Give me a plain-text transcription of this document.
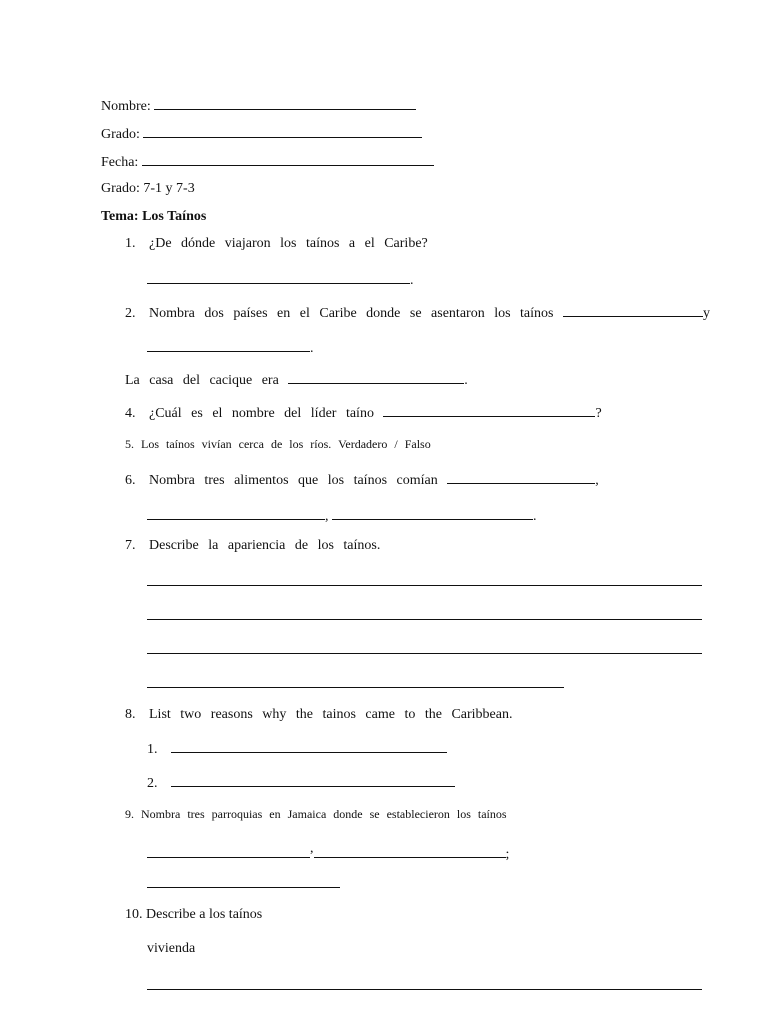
Nombre:
Grado:
Fecha:
Grado: 7-1 y 7-3
Tema: Los Taínos
1. ¿De dónde viajaron los taínos a el Caribe?
.
2. Nombra dos países en el Caribe donde se asentaron los taínos	y
.
La casa del cacique era	.
4. ¿Cuál es el nombre del líder taíno	?
5. Los taínos vivían cerca de los ríos. Verdadero / Falso
6. Nombra tres alimentos que los taínos comían	,
,	.
7. Describe la apariencia de los taínos.
8. List two reasons why the tainos came to the Caribbean.
1.
2.
9. Nombra tres parroquias en Jamaica donde se establecieron los taínos
,	;
10. Describe a los taínos
vivienda
